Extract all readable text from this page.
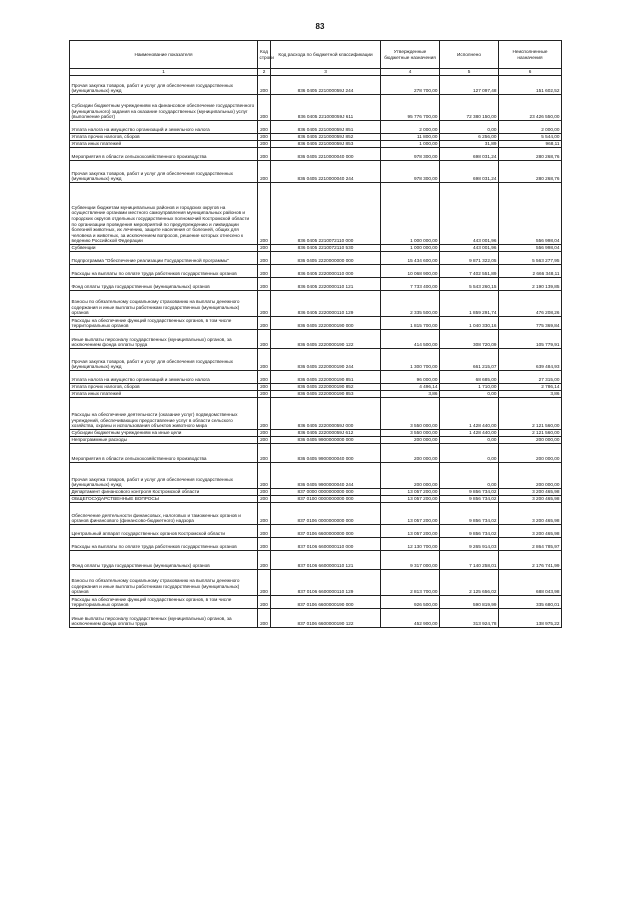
83
Наименование показателя	Код строки	Код расхода по бюджетной классификации	Утвержденные бюджетные назначения	Исполнено	Неисполненные назначения
1	2	3	4	5	6
Прочая закупка товаров, работ и услуг для обеспечения государственных (муниципальных) нужд	200	836 0405 221000059J 244	278 700,00	127 097,48	151 602,52
Субсидии бюджетным учреждениям на финансовое обеспечение государственного (муниципального) задания на оказание государственных (муниципальных) услуг (выполнение работ)	200	836 0405 221000059J 611	95 776 700,00	72 380 150,00	23 426 550,00
Уплата налога на имущество организаций и земельного налога	200	836 0405 221000059J 851	2 000,00	0,00	2 000,00
Уплата прочих налогов, сборов	200	836 0405 221000059J 852	11 800,00	6 256,00	5 544,00
Уплата иных платежей	200	836 0405 221000059J 853	1 000,00	31,89	968,11
Мероприятия в области сельскохозяйственного производства	200	836 0405 2210000040 000	978 300,00	698 031,24	280 268,76
Прочая закупка товаров, работ и услуг для обеспечения государственных (муниципальных) нужд	200	836 0405 2210000040 244	978 300,00	698 031,24	280 268,76
Субвенции бюджетам муниципальных районов и городских округов на осуществление органами местного самоуправления муниципальных районов и городских округов отдельных государственных полномочий Костромской области по организации проведения мероприятий по предупреждению и ликвидации болезней животных, их лечению, защите населения от болезней, общих для человека и животных, за исключением вопросов, решение которых отнесено к ведению Российской Федерации	200	836 0405 2210072110 000	1 000 000,00	443 001,96	556 998,04
Субвенции	200	836 0405 2210072110 530	1 000 000,00	443 001,96	556 998,04
Подпрограмма "Обеспечение реализации Государственной программы"	200	836 0405 2220000000 000	15 434 600,00	9 871 322,05	5 563 277,95
Расходы на выплаты по оплате труда работников государственных органов	200	836 0405 2220000110 000	10 068 900,00	7 402 551,89	2 666 348,11
Фонд оплаты труда государственных (муниципальных) органов	200	836 0405 2220000110 121	7 733 400,00	5 543 260,15	2 190 139,85
Взносы по обязательному социальному страхованию на выплаты денежного содержания и иные выплаты работникам государственных (муниципальных) органов	200	836 0405 2220000110 129	2 335 500,00	1 859 291,74	476 208,26
Расходы на обеспечение функций государственных органов, в том числе территориальных органов	200	836 0405 2220000190 000	1 815 700,00	1 040 330,16	775 369,84
Иные выплаты персоналу государственных (муниципальных) органов, за исключением фонда оплаты труда	200	836 0405 2220000190 122	414 500,00	308 720,09	105 779,91
Прочая закупка товаров, работ и услуг для обеспечения государственных (муниципальных) нужд	200	836 0405 2220000190 244	1 300 700,00	661 215,07	639 484,93
Уплата налога на имущество организаций и земельного налога	200	836 0405 2220000190 851	96 000,00	68 685,00	27 315,00
Уплата прочих налогов, сборов	200	836 0405 2220000190 852	4 496,14	1 710,00	2 786,14
Уплата иных платежей	200	836 0405 2220000190 853	3,86	0,00	3,86
Расходы на обеспечение деятельности (оказание услуг) подведомственных учреждений, обеспечивающих предоставление услуг в области сельского хозяйства, охраны и использования объектов животного мира	200	836 0405 222000059J 000	3 550 000,00	1 428 440,00	2 121 560,00
Субсидии бюджетным учреждениям на иные цели	200	836 0405 222000059J 612	3 550 000,00	1 428 440,00	2 121 560,00
Непрограммные расходы	200	836 0405 9900000000 000	200 000,00	0,00	200 000,00
Мероприятия в области сельскохозяйственного производства	200	836 0405 9900000040 000	200 000,00	0,00	200 000,00
Прочая закупка товаров, работ и услуг для обеспечения государственных (муниципальных) нужд	200	836 0405 9900000040 244	200 000,00	0,00	200 000,00
Департамент финансового контроля Костромской области	200	837 0000 0000000000 000	13 057 200,00	9 856 734,02	3 200 465,98
ОБЩЕГОСУДАРСТВЕННЫЕ ВОПРОСЫ	200	837 0100 0000000000 000	13 057 200,00	9 856 734,02	3 200 465,98
Обеспечение деятельности финансовых, налоговых и таможенных органов и органов финансового (финансово-бюджетного) надзора	200	837 0106 0000000000 000	13 057 200,00	9 856 734,02	3 200 465,98
Центральный аппарат государственных органов Костромской области	200	837 0106 6600000000 000	13 057 200,00	9 856 734,02	3 200 465,98
Расходы на выплаты по оплате труда работников государственных органов	200	837 0106 6600000110 000	12 130 700,00	9 265 914,03	2 864 785,97
Фонд оплаты труда государственных (муниципальных) органов	200	837 0106 6600000110 121	9 317 000,00	7 140 258,01	2 176 741,99
Взносы по обязательному социальному страхованию на выплаты денежного содержания и иные выплаты работникам государственных (муниципальных) органов	200	837 0106 6600000110 129	2 813 700,00	2 125 656,02	688 043,98
Расходы на обеспечение функций государственных органов, в том числе территориальных органов	200	837 0106 6600000190 000	926 500,00	590 819,99	335 680,01
Иные выплаты персоналу государственных (муниципальных) органов, за исключением фонда оплаты труда	200	837 0106 6600000190 122	452 900,00	313 924,78	138 975,22
